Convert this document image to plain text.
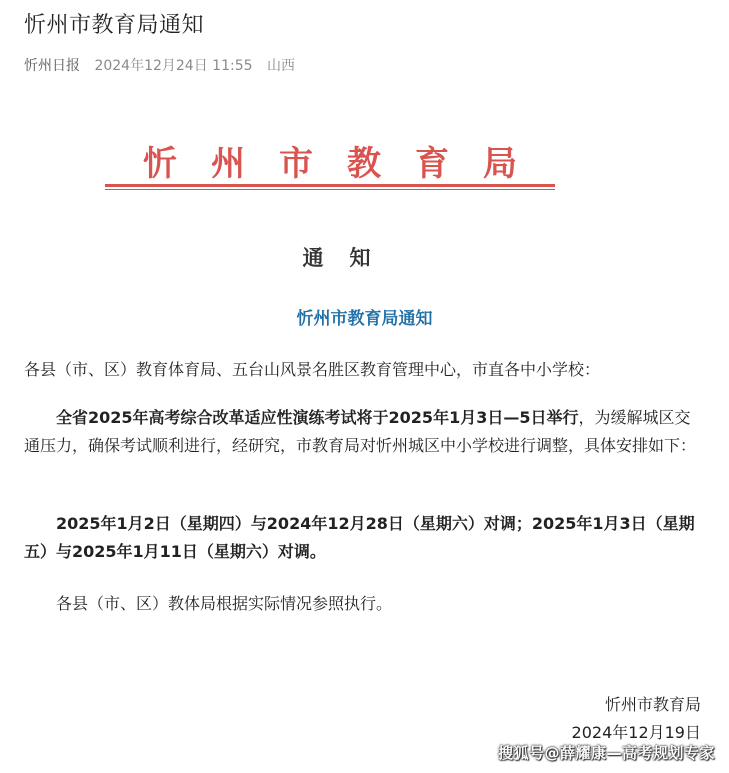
忻州市教育局通知
忻州日报 2024年12月24日 11:55 山西
忻州市教育局
通知
忻州市教育局通知

各县（市、区）教育体育局、五台山风景名胜区教育管理中心，市直各中小学校：

全省2025年高考综合改革适应性演练考试将于2025年1月3日—5日举行，为缓解城区交通压力，确保考试顺利进行，经研究，市教育局对忻州城区中小学校进行调整，具体安排如下：

2025年1月2日（星期四）与2024年12月28日（星期六）对调；2025年1月3日（星期五）与2025年1月11日（星期六）对调。

各县（市、区）教体局根据实际情况参照执行。

忻州市教育局
2024年12月19日
搜狐号@薛耀康—高考规划专家
